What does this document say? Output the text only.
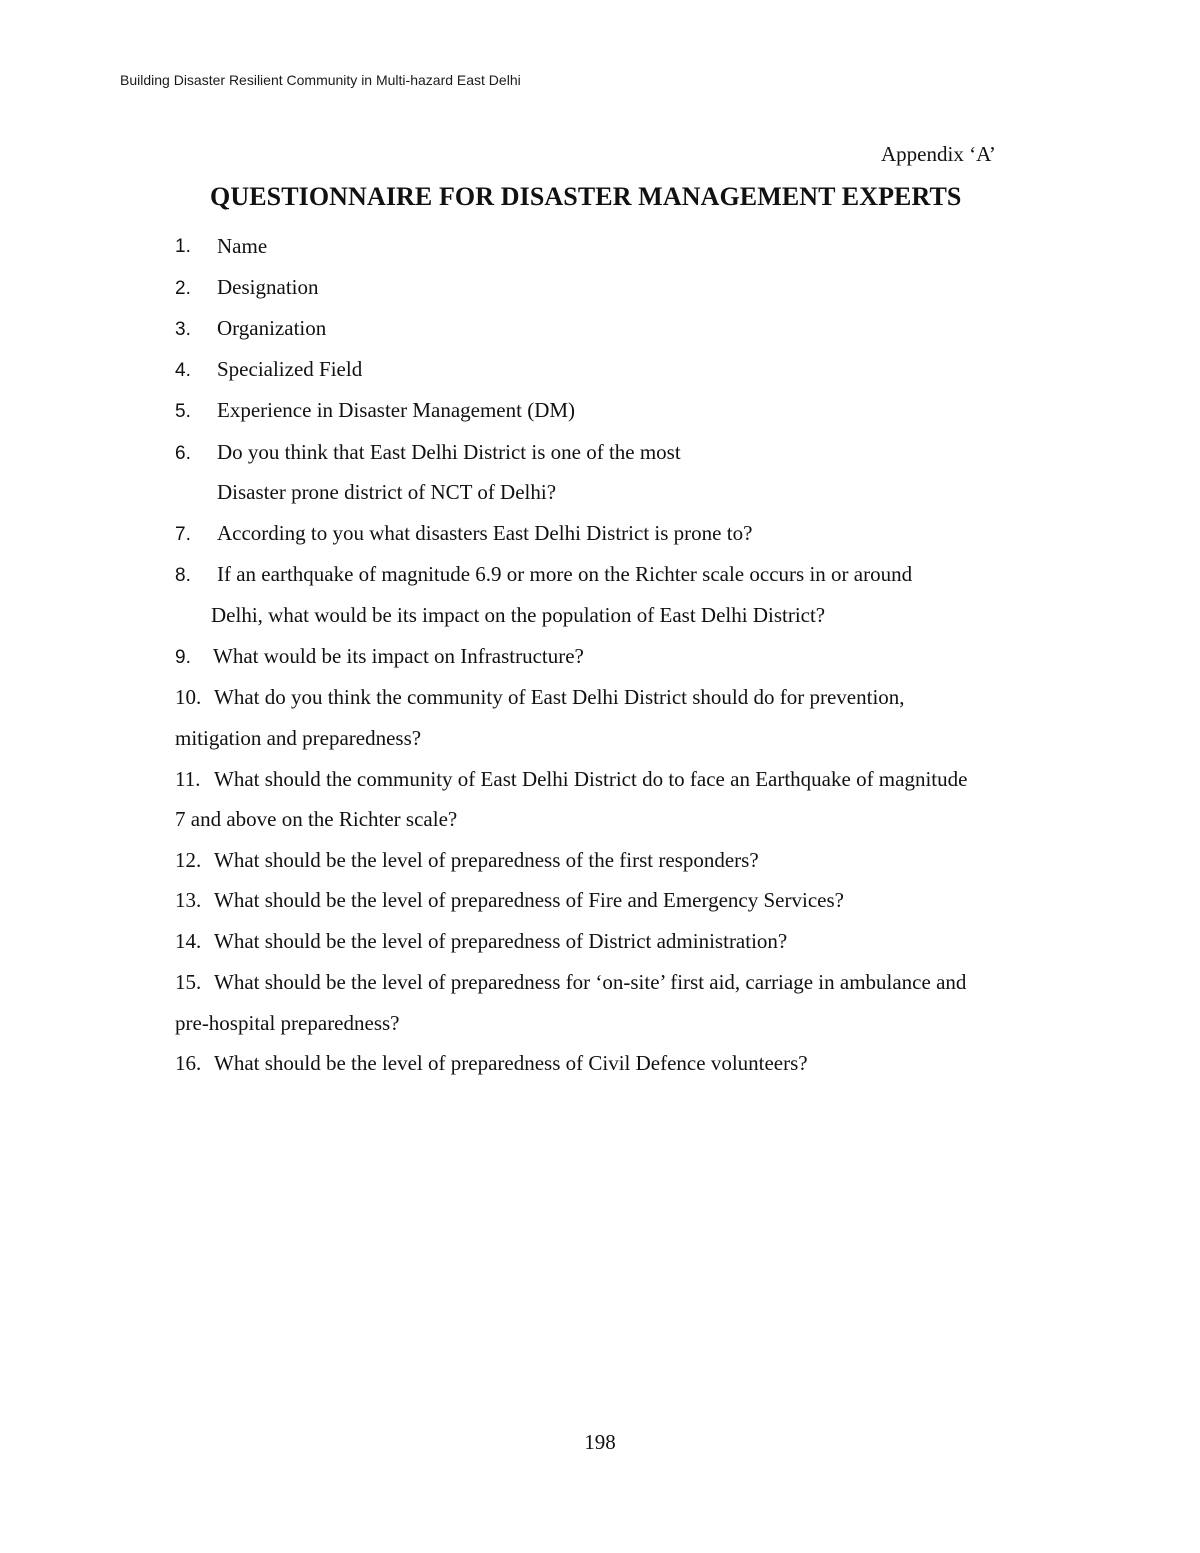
Building Disaster Resilient Community in Multi-hazard East Delhi
Appendix ‘A’
QUESTIONNAIRE FOR DISASTER MANAGEMENT EXPERTS
1. Name
2. Designation
3. Organization
4. Specialized Field
5. Experience in Disaster Management (DM)
6. Do you think that East Delhi District is one of the most
Disaster prone district of NCT of Delhi?
7. According to you what disasters East Delhi District is prone to?
8. If an earthquake of magnitude 6.9 or more on the Richter scale occurs in or around
Delhi, what would be its impact on the population of East Delhi District?
9. What would be its impact on Infrastructure?
10. What do you think the community of East Delhi District should do for prevention,
mitigation and preparedness?
11. What should the community of East Delhi District do to face an Earthquake of magnitude
7 and above on the Richter scale?
12. What should be the level of preparedness of the first responders?
13. What should be the level of preparedness of Fire and Emergency Services?
14. What should be the level of preparedness of District administration?
15. What should be the level of preparedness for ‘on-site’ first aid, carriage in ambulance and
pre-hospital preparedness?
16. What should be the level of preparedness of Civil Defence volunteers?
198
